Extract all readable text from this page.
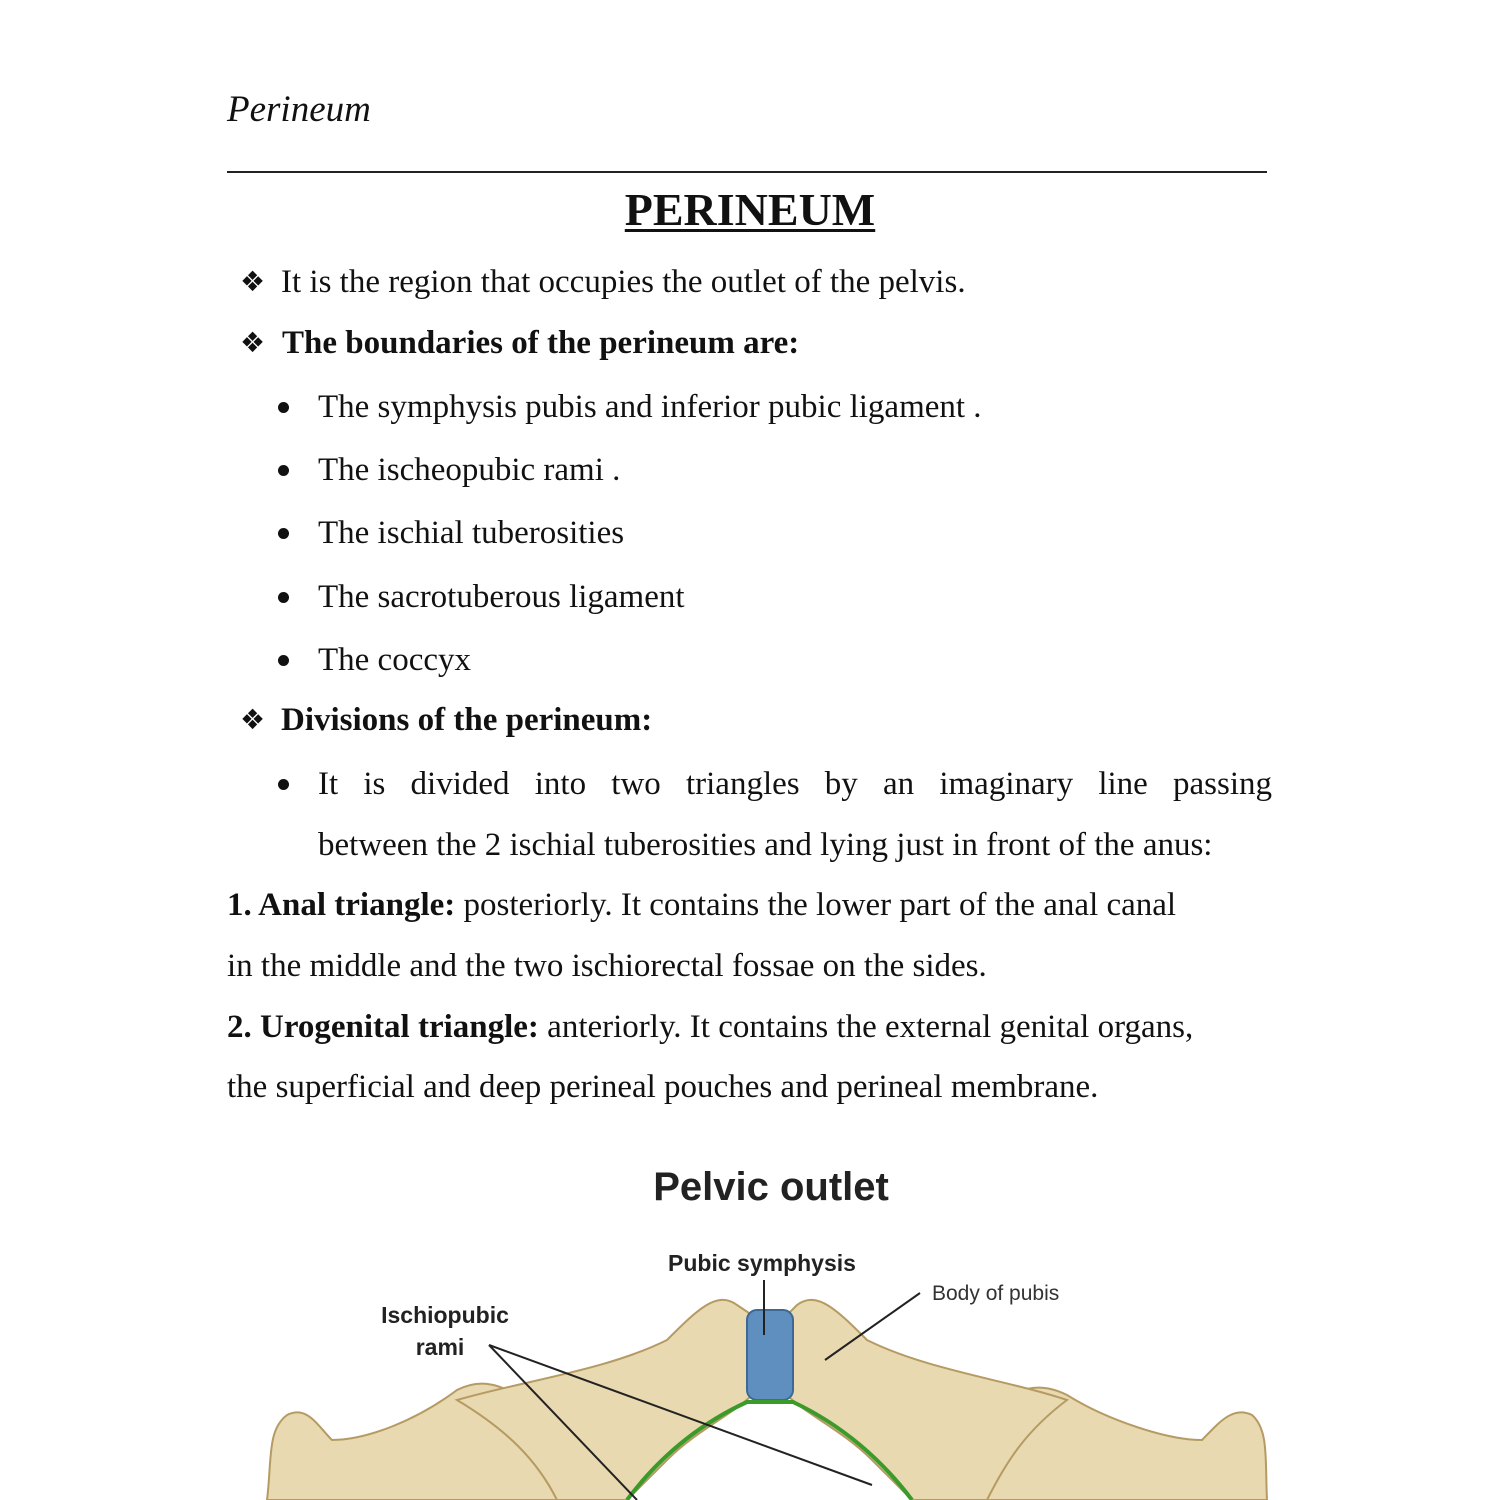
Perineum
PERINEUM
❖ It is the region that occupies the outlet of the pelvis.
❖ The boundaries of the perineum are:
The symphysis pubis and inferior pubic ligament .
The ischeopubic rami .
The ischial tuberosities
The sacrotuberous ligament
The coccyx
❖ Divisions of the perineum:
It is divided into two triangles by an imaginary line passing
between the 2 ischial tuberosities and lying just in front of the anus:
1. Anal triangle: posteriorly. It contains the lower part of the anal canal
in the middle and the two ischiorectal fossae on the sides.
2. Urogenital triangle: anteriorly. It contains the external genital organs,
the superficial and deep perineal pouches and perineal membrane.
Pelvic outlet
Pubic symphysis
Body of pubis
Ischiopubic
rami
